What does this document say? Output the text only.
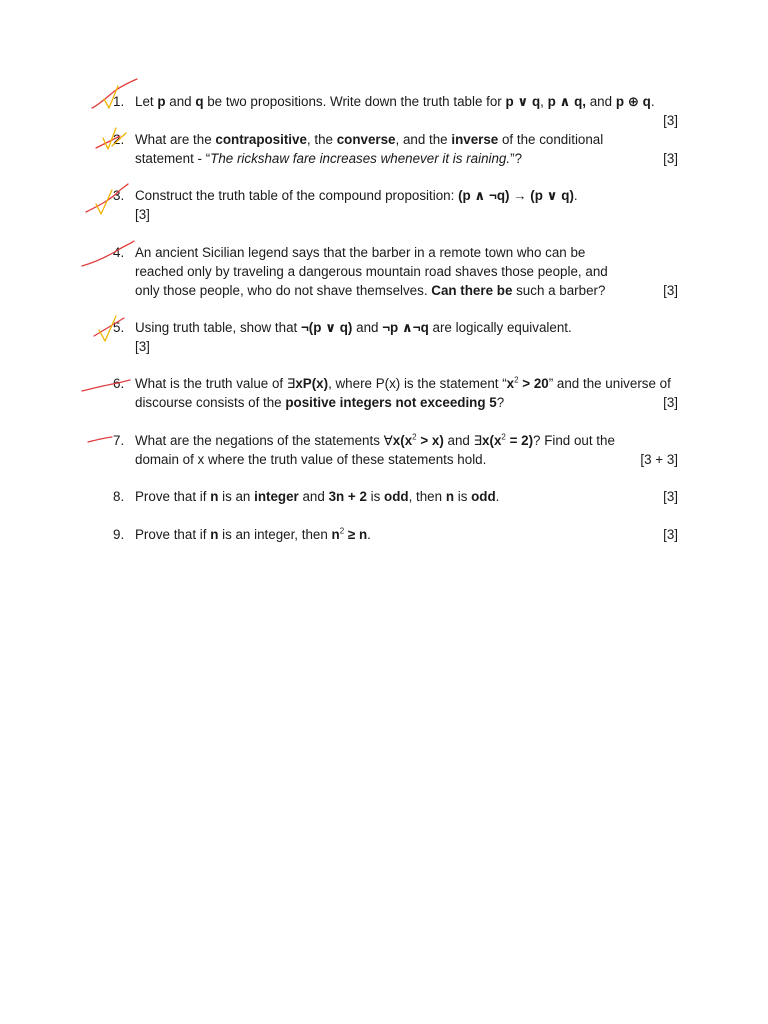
1. Let p and q be two propositions. Write down the truth table for p ∨ q, p ∧ q, and p ⊕ q.
[3]
2. What are the contrapositive, the converse, and the inverse of the conditional statement - “The rickshaw fare increases whenever it is raining.”?	[3]
3. Construct the truth table of the compound proposition: (p ∧ ¬q) → (p ∨ q).
[3]
4. An ancient Sicilian legend says that the barber in a remote town who can be reached only by traveling a dangerous mountain road shaves those people, and only those people, who do not shave themselves. Can there be such a barber?	[3]
5. Using truth table, show that ¬(p ∨ q) and ¬p ∧¬q are logically equivalent.
[3]
6. What is the truth value of ∃xP(x), where P(x) is the statement “$x^2 > 20$” and the universe of discourse consists of the positive integers not exceeding 5?	[3]
7. What are the negations of the statements $\forall x(x^2 > x)$ and $\exists x(x^2 = 2)$? Find out the domain of x where the truth value of these statements hold.	[3 + 3]
8. Prove that if n is an integer and 3n + 2 is odd, then n is odd.	[3]
9. Prove that if n is an integer, then $n^2 \ge n$.	[3]
